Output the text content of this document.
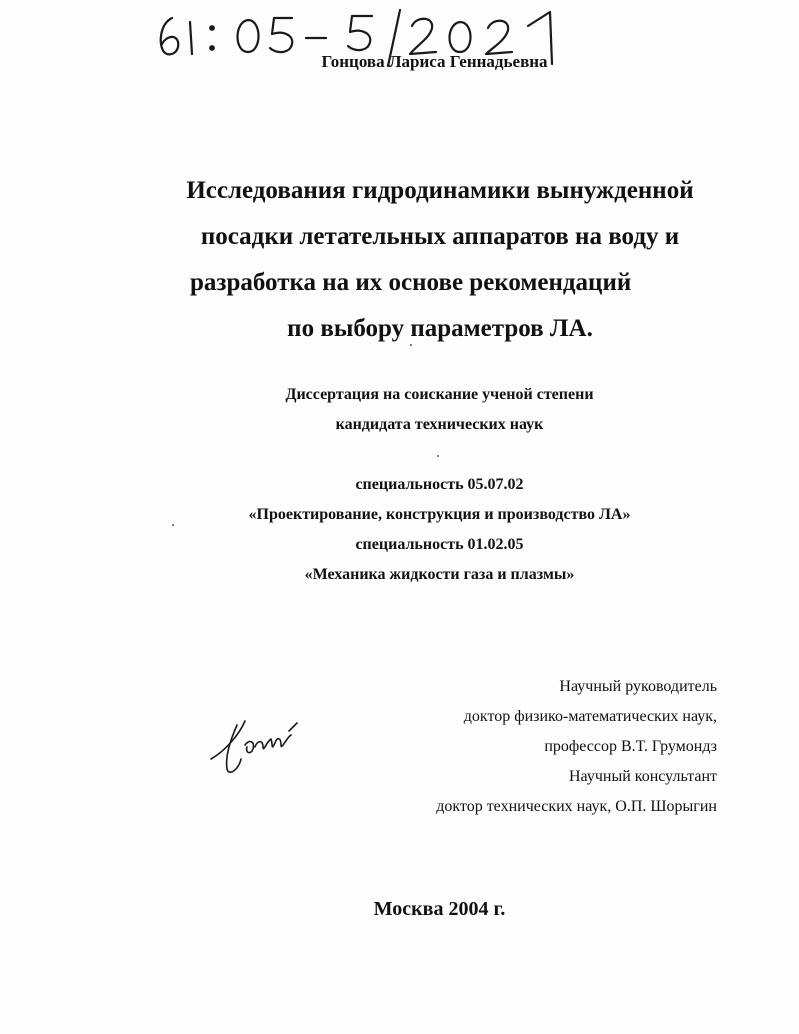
Гонцова Лариса Геннадьевна
Исследования гидродинамики вынужденной
посадки летательных аппаратов на воду и
разработка на их основе рекомендаций
по выбору параметров ЛА.
Диссертация на соискание ученой степени
кандидата технических наук
специальность 05.07.02
«Проектирование, конструкция и производство ЛА»
специальность 01.02.05
«Механика жидкости газа и плазмы»
Научный руководитель
доктор физико-математических наук,
профессор В.Т. Грумондз
Научный консультант
доктор технических наук, О.П. Шорыгин
Москва 2004 г.
